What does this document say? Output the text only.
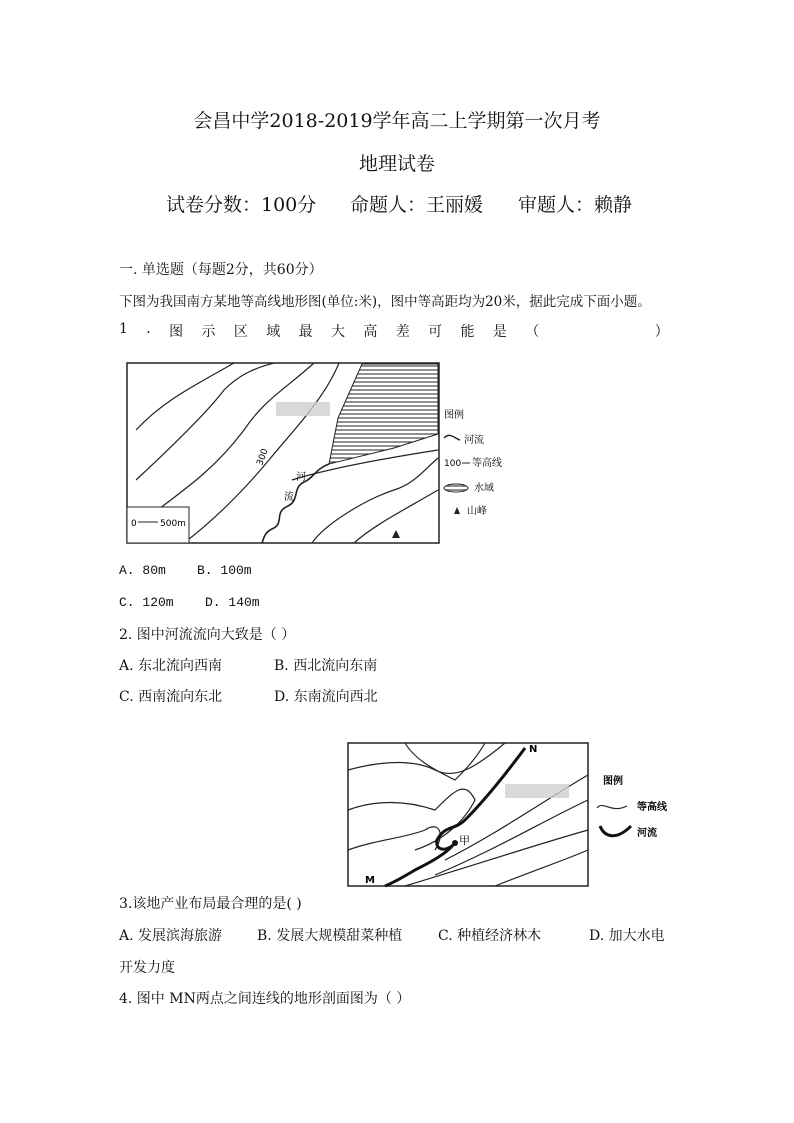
会昌中学2018-2019学年高二上学期第一次月考
地理试卷
试卷分数：100分 命题人：王丽媛 审题人：赖静
一. 单选题（每题2分，共60分）
下图为我国南方某地等高线地形图(单位:米)，图中等高距均为20米，据此完成下面小题。
1 . 图 示 区 域 最 大 高 差 可 能 是 （	）
0	500m
300
河
流
图例
河流
100 等高线
水域
山峰
A. 80m B. 100m
C. 120m D. 140m
2. 图中河流流向大致是（ ）
A. 东北流向西南	B. 西北流向东南
C. 西南流向东北	D. 东南流向西北
N
M
甲
图例
等高线
河流
3.该地产业布局最合理的是( )
A. 发展滨海旅游 B. 发展大规模甜菜种植	C. 种植经济林木	D. 加大水电
开发力度
4. 图中 MN两点之间连线的地形剖面图为（ ）
